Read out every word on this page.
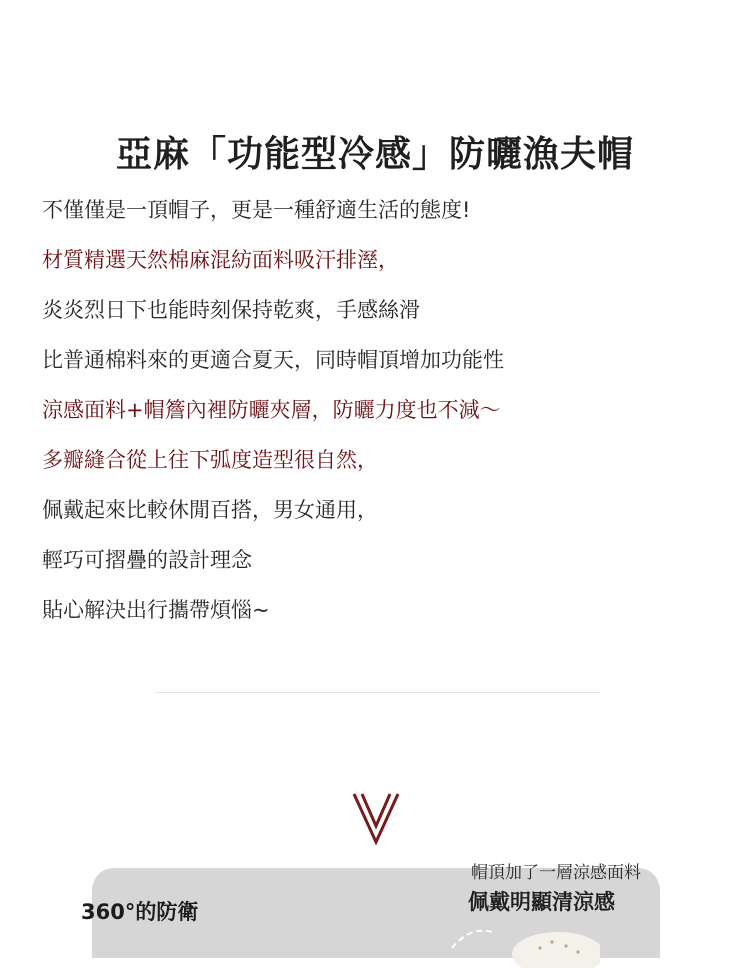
亞麻「功能型冷感」防曬漁夫帽
不僅僅是一頂帽子，更是一種舒適生活的態度!
材質精選天然棉麻混紡面料吸汗排溼，
炎炎烈日下也能時刻保持乾爽，手感絲滑
比普通棉料來的更適合夏天，同時帽頂增加功能性
涼感面料+帽簷內裡防曬夾層，防曬力度也不減～
多瓣縫合從上往下弧度造型很自然，
佩戴起來比較休閒百搭，男女通用，
輕巧可摺疊的設計理念
貼心解決出行攜帶煩惱~
360°的防衛
帽頂加了一層涼感面料
佩戴明顯清涼感
